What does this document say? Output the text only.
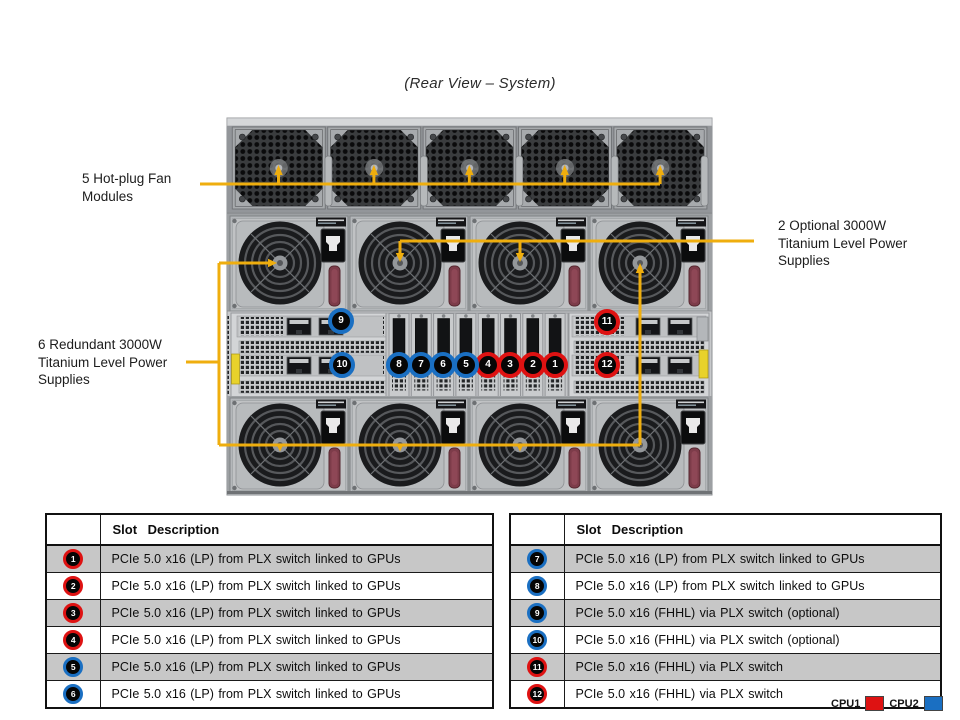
(Rear View – System)
1
2
3
4
5
6
7
8
9
10
11
12
5 Hot-plug Fan Modules
6 Redundant 3000W Titanium Level Power Supplies
2 Optional 3000W Titanium Level Power Supplies
	Slot Description

1	PCIe 5.0 x16 (LP) from PLX switch linked to GPUs

2	PCIe 5.0 x16 (LP) from PLX switch linked to GPUs

3	PCIe 5.0 x16 (LP) from PLX switch linked to GPUs

4	PCIe 5.0 x16 (LP) from PLX switch linked to GPUs

5	PCIe 5.0 x16 (LP) from PLX switch linked to GPUs

6	PCIe 5.0 x16 (LP) from PLX switch linked to GPUs
	Slot Description

7	PCIe 5.0 x16 (LP) from PLX switch linked to GPUs

8	PCIe 5.0 x16 (LP) from PLX switch linked to GPUs

9	PCIe 5.0 x16 (FHHL) via PLX switch (optional)

10	PCIe 5.0 x16 (FHHL) via PLX switch (optional)

11	PCIe 5.0 x16 (FHHL) via PLX switch

12	PCIe 5.0 x16 (FHHL) via PLX switch
CPU1	CPU2
